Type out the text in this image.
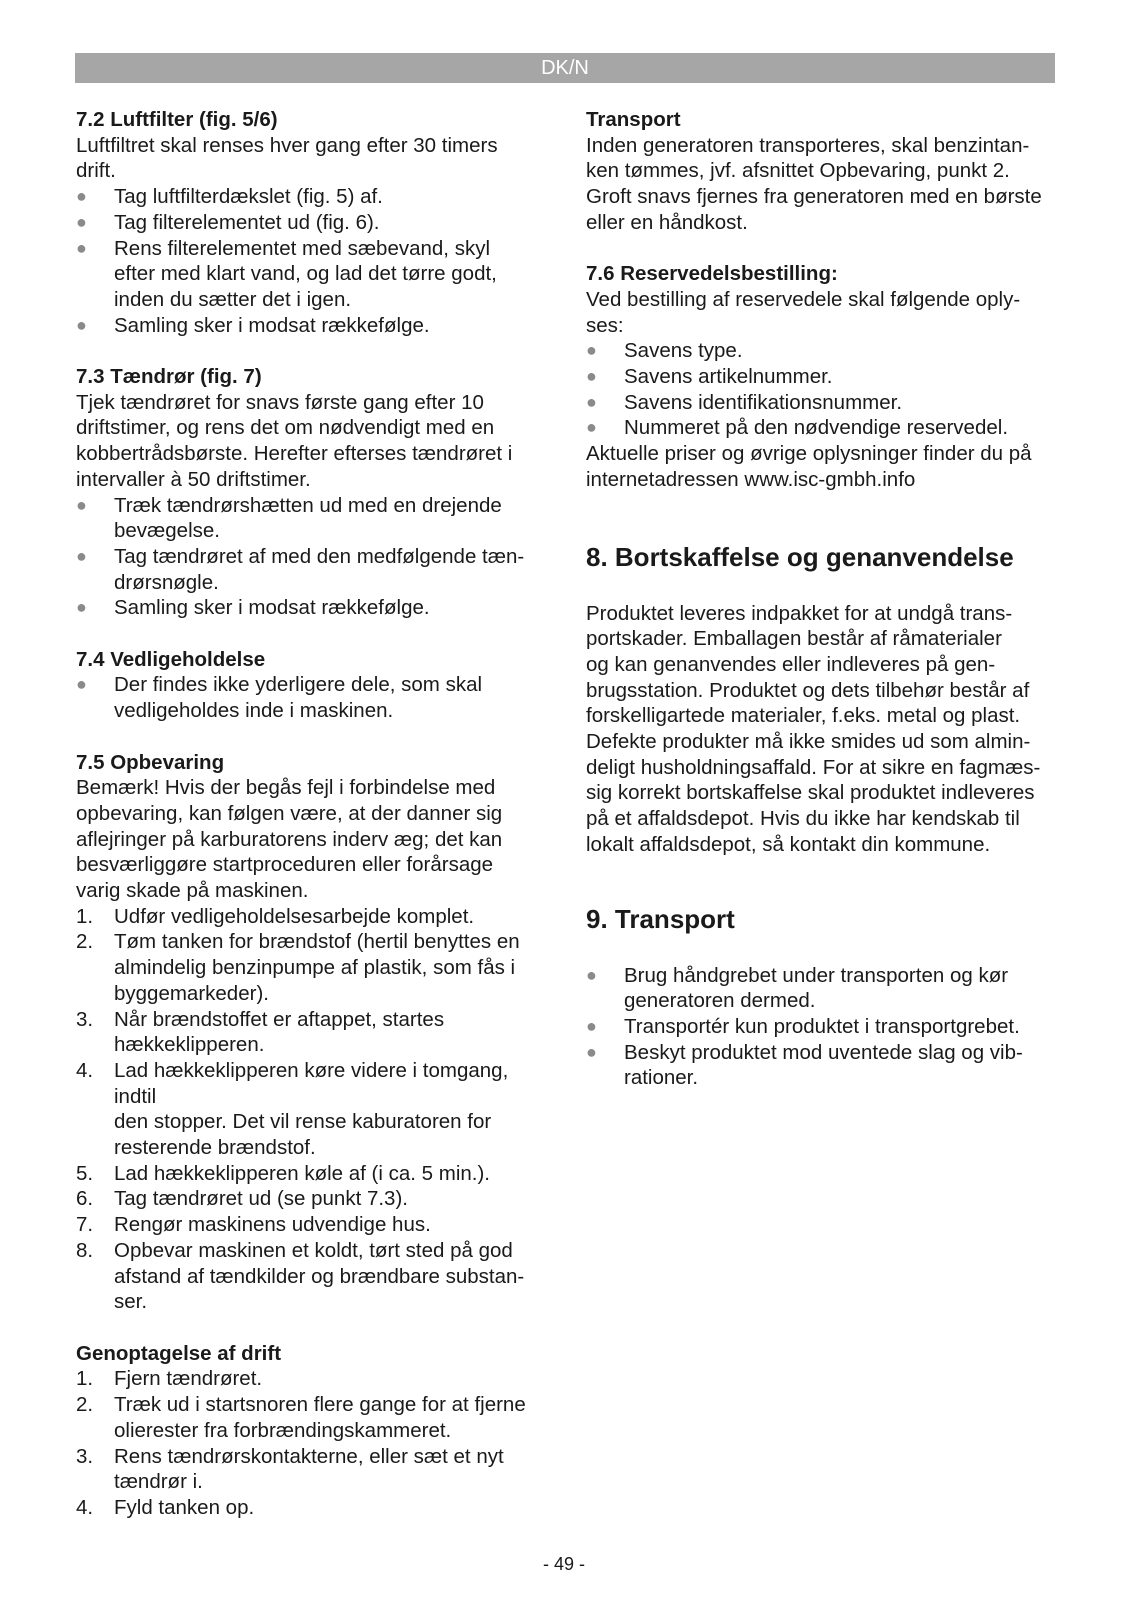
DK/N
7.2 Luftfilter (fig. 5/6)
Luftfiltret skal renses hver gang efter 30 timers
drift.
●	Tag luftfilterdækslet (fig. 5) af.
●	Tag filterelementet ud (fig. 6).
●	Rens filterelementet med sæbevand, skyl
efter med klart vand, og lad det tørre godt,
inden du sætter det i igen.
●	Samling sker i modsat rækkefølge.
7.3 Tændrør (fig. 7)
Tjek tændrøret for snavs første gang efter 10
driftstimer, og rens det om nødvendigt med en
kobbertrådsbørste. Herefter efterses tændrøret i
intervaller à 50 driftstimer.
●	Træk tændrørshætten ud med en drejende
bevægelse.
●	Tag tændrøret af med den medfølgende tæn-
drørsnøgle.
●	Samling sker i modsat rækkefølge.
7.4 Vedligeholdelse
●	Der findes ikke yderligere dele, som skal
vedligeholdes inde i maskinen.
7.5 Opbevaring
Bemærk! Hvis der begås fejl i forbindelse med
opbevaring, kan følgen være, at der danner sig
aflejringer på karburatorens inderv æg; det kan
besværliggøre startproceduren eller forårsage
varig skade på maskinen.
1.	Udfør vedligeholdelsesarbejde komplet.
2.	Tøm tanken for brændstof (hertil benyttes en
almindelig benzinpumpe af plastik, som fås i
byggemarkeder).
3.	Når brændstoffet er aftappet, startes
hækkeklipperen.
4.	Lad hækkeklipperen køre videre i tomgang,
indtil
den stopper. Det vil rense kaburatoren for
resterende brændstof.
5.	Lad hækkeklipperen køle af (i ca. 5 min.).
6.	Tag tændrøret ud (se punkt 7.3).
7.	Rengør maskinens udvendige hus.
8.	Opbevar maskinen et koldt, tørt sted på god
afstand af tændkilder og brændbare substan-
ser.
Genoptagelse af drift
1.	Fjern tændrøret.
2.	Træk ud i startsnoren flere gange for at fjerne
olierester fra forbrændingskammeret.
3.	Rens tændrørskontakterne, eller sæt et nyt
tændrør i.
4.	Fyld tanken op.
Transport
Inden generatoren transporteres, skal benzintan-
ken tømmes, jvf. afsnittet Opbevaring, punkt 2.
Groft snavs fjernes fra generatoren med en børste
eller en håndkost.
7.6 Reservedelsbestilling:
Ved bestilling af reservedele skal følgende oply-
ses:
●	Savens type.
●	Savens artikelnummer.
●	Savens identifikationsnummer.
●	Nummeret på den nødvendige reservedel.
Aktuelle priser og øvrige oplysninger finder du på
internetadressen www.isc-gmbh.info
8. Bortskaffelse og genanvendelse
Produktet leveres indpakket for at undgå trans-
portskader. Emballagen består af råmaterialer
og kan genanvendes eller indleveres på gen-
brugsstation. Produktet og dets tilbehør består af
forskelligartede materialer, f.eks. metal og plast.
Defekte produkter må ikke smides ud som almin-
deligt husholdningsaffald. For at sikre en fagmæs-
sig korrekt bortskaffelse skal produktet indleveres
på et affaldsdepot. Hvis du ikke har kendskab til
lokalt affaldsdepot, så kontakt din kommune.
9. Transport
●	Brug håndgrebet under transporten og kør
generatoren dermed.
●	Transportér kun produktet i transportgrebet.
●	Beskyt produktet mod uventede slag og vib-
rationer.
- 49 -
